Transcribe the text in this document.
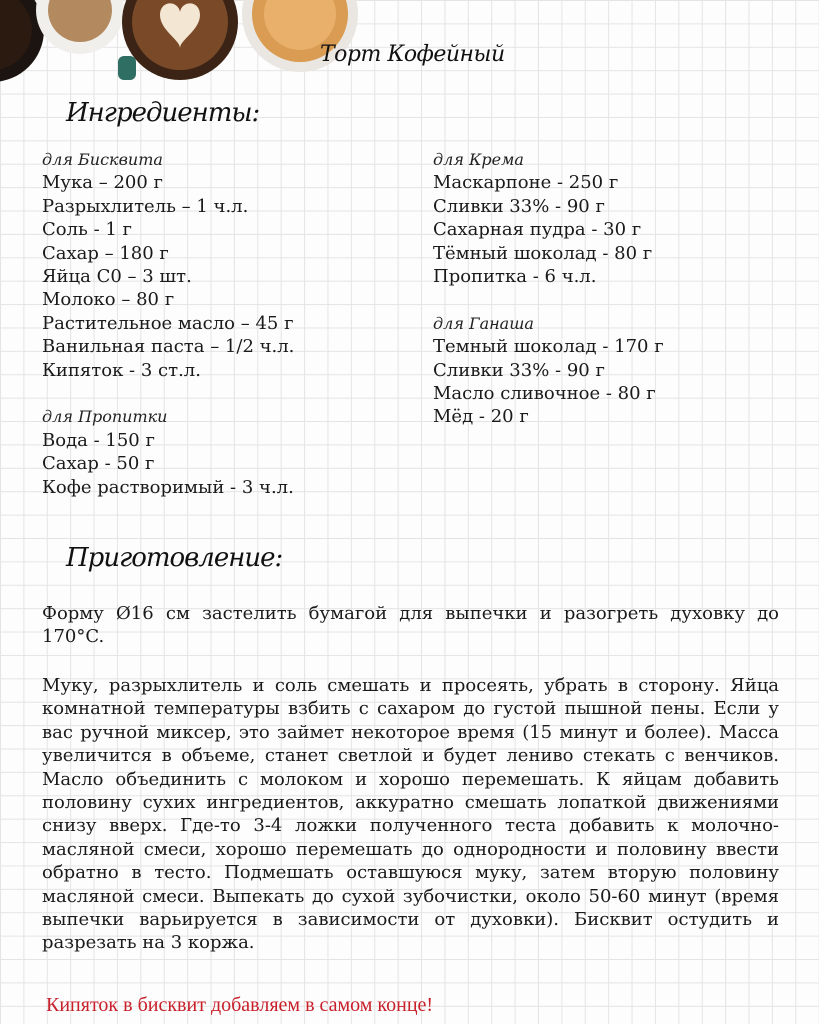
Торт Кофейный
Ингредиенты:
для Бисквита
Мука – 200 г
Разрыхлитель – 1 ч.л.
Соль - 1 г
Сахар – 180 г
Яйца С0 – 3 шт.
Молоко – 80 г
Растительное масло – 45 г
Ванильная паста – 1/2 ч.л.
Кипяток - 3 ст.л.
для Пропитки
Вода - 150 г
Сахар - 50 г
Кофе растворимый - 3 ч.л.
для Крема
Маскарпоне - 250 г
Сливки 33% - 90 г
Сахарная пудра - 30 г
Тёмный шоколад - 80 г
Пропитка - 6 ч.л.
для Ганаша
Темный шоколад - 170 г
Сливки 33% - 90 г
Масло сливочное - 80 г
Мёд - 20 г
Приготовление:

Форму Ø16 см застелить бумагой для выпечки и разогреть духовку до 170°C.

Муку, разрыхлитель и соль смешать и просеять, убрать в сторону. Яйца комнатной температуры взбить с сахаром до густой пышной пены. Если у вас ручной миксер, это займет некоторое время (15 минут и более). Масса увеличится в объеме, станет светлой и будет лениво стекать с венчиков. Масло объединить с молоком и хорошо перемешать. К яйцам добавить половину сухих ингредиентов, аккуратно смешать лопаткой движениями снизу вверх. Где-то 3-4 ложки полученного теста добавить к молочно-масляной смеси, хорошо перемешать до однородности и половину ввести обратно в тесто. Подмешать оставшуюся муку, затем вторую половину масляной смеси. Выпекать до сухой зубочистки, около 50-60 минут (время выпечки варьируется в зависимости от духовки). Бисквит остудить и разрезать на 3 коржа.

Кипяток в бисквит добавляем в самом конце!
